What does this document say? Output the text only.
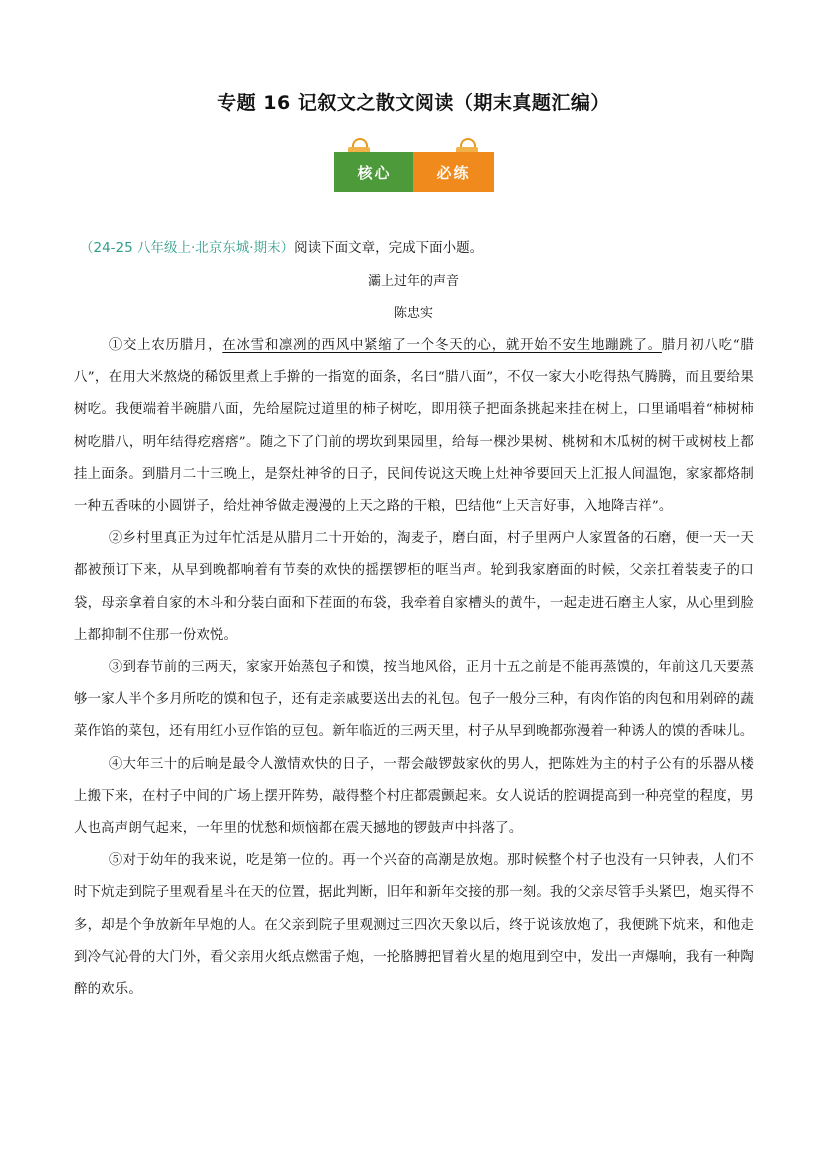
专题 16 记叙文之散文阅读（期末真题汇编）
核心	必练
（24-25 八年级上·北京东城·期末）阅读下面文章，完成下面小题。
灞上过年的声音
陈忠实

①交上农历腊月，在冰雪和凛冽的西风中紧缩了一个冬天的心，就开始不安生地蹦跳了。腊月初八吃“腊八”，在用大米熬烧的稀饭里煮上手擀的一指宽的面条，名曰“腊八面”，不仅一家大小吃得热气腾腾，而且要给果树吃。我便端着半碗腊八面，先给屋院过道里的柿子树吃，即用筷子把面条挑起来挂在树上，口里诵唱着“柿树柿树吃腊八，明年结得疙瘩瘩”。随之下了门前的塄坎到果园里，给每一棵沙果树、桃树和木瓜树的树干或树枝上都挂上面条。到腊月二十三晚上，是祭灶神爷的日子，民间传说这天晚上灶神爷要回天上汇报人间温饱，家家都烙制一种五香味的小圆饼子，给灶神爷做走漫漫的上天之路的干粮，巴结他“上天言好事，入地降吉祥”。

②乡村里真正为过年忙活是从腊月二十开始的，淘麦子，磨白面，村子里两户人家置备的石磨，便一天一天都被预订下来，从早到晚都响着有节奏的欢快的摇摆锣柜的哐当声。轮到我家磨面的时候，父亲扛着装麦子的口袋，母亲拿着自家的木斗和分装白面和下茬面的布袋，我牵着自家槽头的黄牛，一起走进石磨主人家，从心里到脸上都抑制不住那一份欢悦。

③到春节前的三两天，家家开始蒸包子和馍，按当地风俗，正月十五之前是不能再蒸馍的，年前这几天要蒸够一家人半个多月所吃的馍和包子，还有走亲戚要送出去的礼包。包子一般分三种，有肉作馅的肉包和用剁碎的蔬菜作馅的菜包，还有用红小豆作馅的豆包。新年临近的三两天里，村子从早到晚都弥漫着一种诱人的馍的香味儿。

④大年三十的后晌是最令人激情欢快的日子，一帮会敲锣鼓家伙的男人，把陈姓为主的村子公有的乐器从楼上搬下来，在村子中间的广场上摆开阵势，敲得整个村庄都震颤起来。女人说话的腔调提高到一种亮堂的程度，男人也高声朗气起来，一年里的忧愁和烦恼都在震天撼地的锣鼓声中抖落了。

⑤对于幼年的我来说，吃是第一位的。再一个兴奋的高潮是放炮。那时候整个村子也没有一只钟表，人们不时下炕走到院子里观看星斗在天的位置，据此判断，旧年和新年交接的那一刻。我的父亲尽管手头紧巴，炮买得不多，却是个争放新年早炮的人。在父亲到院子里观测过三四次天象以后，终于说该放炮了，我便跳下炕来，和他走到冷气沁骨的大门外，看父亲用火纸点燃雷子炮，一抡胳膊把冒着火星的炮甩到空中，发出一声爆响，我有一种陶醉的欢乐。
